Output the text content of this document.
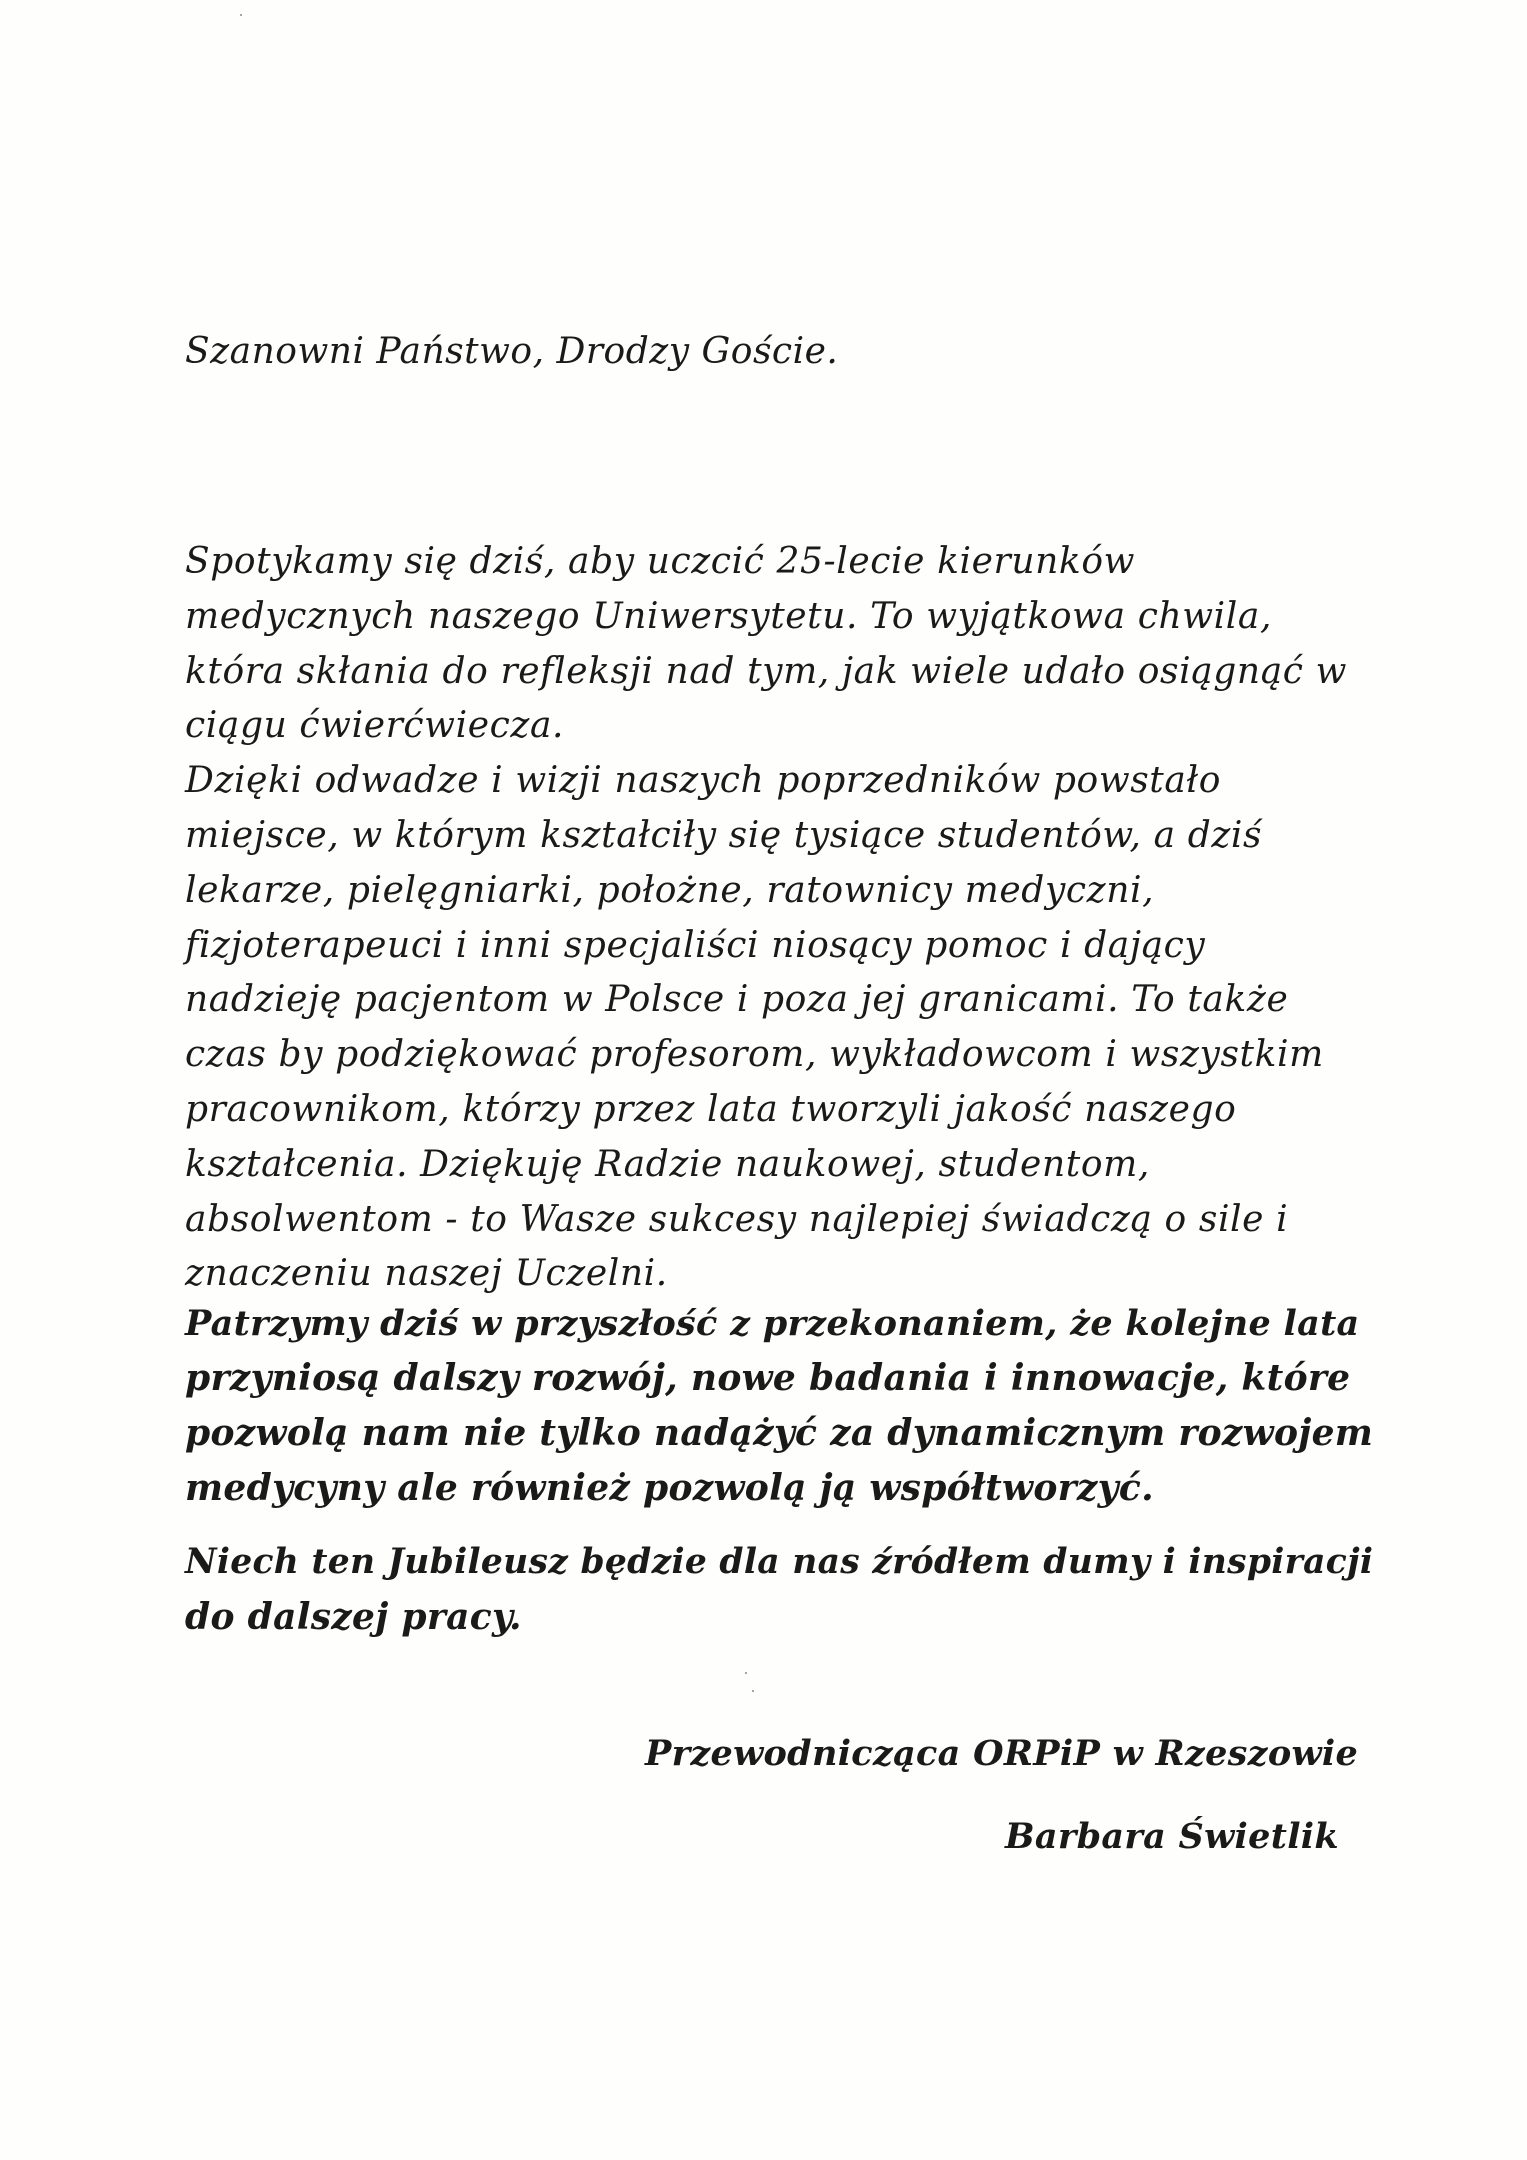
Szanowni Państwo, Drodzy Goście.

Spotykamy się dziś, aby uczcić 25-lecie kierunków
medycznych naszego Uniwersytetu. To wyjątkowa chwila,
która skłania do refleksji nad tym, jak wiele udało osiągnąć w
ciągu ćwierćwiecza.
Dzięki odwadze i wizji naszych poprzedników powstało
miejsce, w którym kształciły się tysiące studentów, a dziś
lekarze, pielęgniarki, położne, ratownicy medyczni,
fizjoterapeuci i inni specjaliści niosący pomoc i dający
nadzieję pacjentom w Polsce i poza jej granicami. To także
czas by podziękować profesorom, wykładowcom i wszystkim
pracownikom, którzy przez lata tworzyli jakość naszego
kształcenia. Dziękuję Radzie naukowej, studentom,
absolwentom - to Wasze sukcesy najlepiej świadczą o sile i
znaczeniu naszej Uczelni.
Patrzymy dziś w przyszłość z przekonaniem, że kolejne lata
przyniosą dalszy rozwój, nowe badania i innowacje, które
pozwolą nam nie tylko nadążyć za dynamicznym rozwojem
medycyny ale również pozwolą ją współtworzyć.
Niech ten Jubileusz będzie dla nas źródłem dumy i inspiracji
do dalszej pracy.

Przewodnicząca ORPiP w Rzeszowie

Barbara Świetlik
